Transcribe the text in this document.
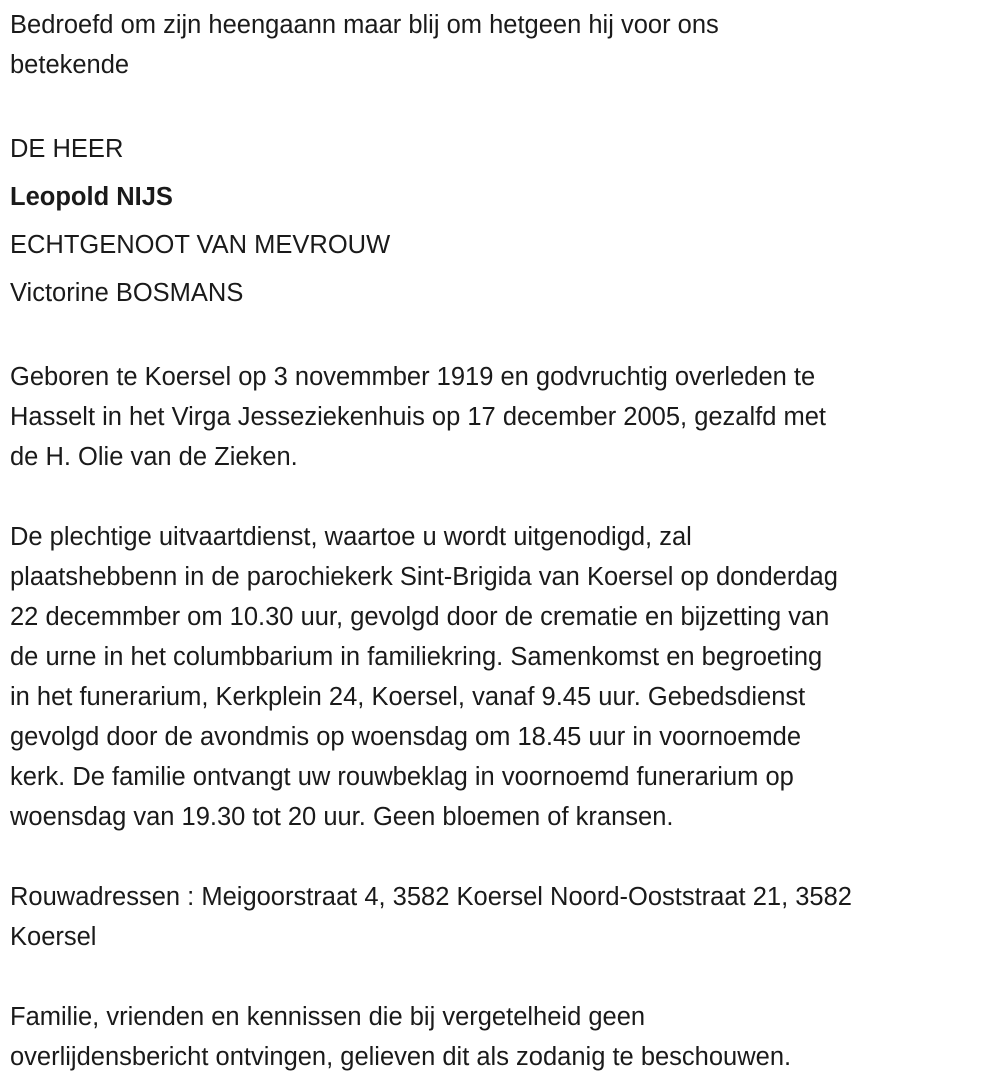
Bedroefd om zijn heengaann maar blij om hetgeen hij voor ons
betekende
DE HEER
Leopold NIJS
ECHTGENOOT VAN MEVROUW
Victorine BOSMANS
Geboren te Koersel op 3 novemmber 1919 en godvruchtig overleden te
Hasselt in het Virga Jesseziekenhuis op 17 december 2005, gezalfd met
de H. Olie van de Zieken.
De plechtige uitvaartdienst, waartoe u wordt uitgenodigd, zal
plaatshebbenn in de parochiekerk Sint-Brigida van Koersel op donderdag
22 decemmber om 10.30 uur, gevolgd door de crematie en bijzetting van
de urne in het columbbarium in familiekring. Samenkomst en begroeting
in het funerarium, Kerkplein 24, Koersel, vanaf 9.45 uur. Gebedsdienst
gevolgd door de avondmis op woensdag om 18.45 uur in voornoemde
kerk. De familie ontvangt uw rouwbeklag in voornoemd funerarium op
woensdag van 19.30 tot 20 uur. Geen bloemen of kransen.
Rouwadressen : Meigoorstraat 4, 3582 Koersel Noord-Ooststraat 21, 3582
Koersel
Familie, vrienden en kennissen die bij vergetelheid geen
overlijdensbericht ontvingen, gelieven dit als zodanig te beschouwen.
